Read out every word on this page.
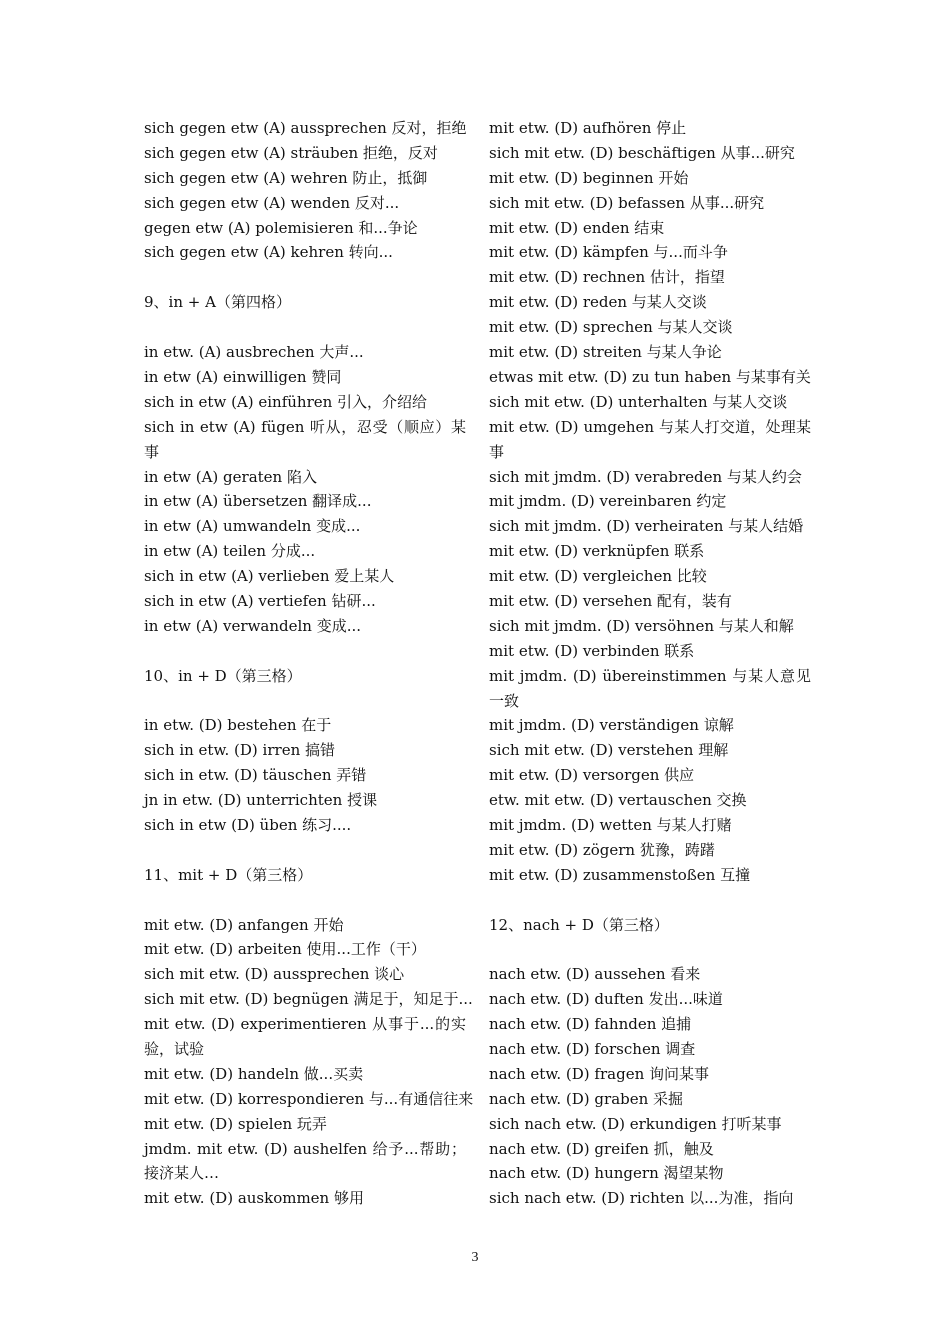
sich gegen etw (A) aussprechen 反对，拒绝
sich gegen etw (A) sträuben 拒绝，反对
sich gegen etw (A) wehren 防止，抵御
sich gegen etw (A) wenden 反对...
gegen etw (A) polemisieren 和...争论
sich gegen etw (A) kehren 转向...
9、in + A（第四格）
in etw. (A) ausbrechen 大声...
in etw (A) einwilligen 赞同
sich in etw (A) einführen 引入，介绍给
sich in etw (A) fügen 听从，忍受（顺应）某事
in etw (A) geraten 陷入
in etw (A) übersetzen 翻译成...
in etw (A) umwandeln 变成...
in etw (A) teilen 分成...
sich in etw (A) verlieben 爱上某人
sich in etw (A) vertiefen 钻研...
in etw (A) verwandeln 变成...
10、in + D（第三格）
in etw. (D) bestehen 在于
sich in etw. (D) irren 搞错
sich in etw. (D) täuschen 弄错
jn in etw. (D) unterrichten 授课
sich in etw (D) üben 练习....
11、mit + D（第三格）
mit etw. (D) anfangen 开始
mit etw. (D) arbeiten 使用...工作（干）
sich mit etw. (D) aussprechen 谈心
sich mit etw. (D) begnügen 满足于，知足于...
mit etw. (D) experimentieren 从事于...的实验，试验
mit etw. (D) handeln 做...买卖
mit etw. (D) korrespondieren 与...有通信往来
mit etw. (D) spielen 玩弄
jmdm. mit etw. (D) aushelfen 给予...帮助；接济某人…
mit etw. (D) auskommen 够用
mit etw. (D) aufhören 停止
sich mit etw. (D) beschäftigen 从事...研究
mit etw. (D) beginnen 开始
sich mit etw. (D) befassen 从事...研究
mit etw. (D) enden 结束
mit etw. (D) kämpfen 与...而斗争
mit etw. (D) rechnen 估计，指望
mit etw. (D) reden 与某人交谈
mit etw. (D) sprechen 与某人交谈
mit etw. (D) streiten 与某人争论
etwas mit etw. (D) zu tun haben 与某事有关
sich mit etw. (D) unterhalten 与某人交谈
mit etw. (D) umgehen 与某人打交道，处理某事
sich mit jmdm. (D) verabreden 与某人约会
mit jmdm. (D) vereinbaren 约定
sich mit jmdm. (D) verheiraten 与某人结婚
mit etw. (D) verknüpfen 联系
mit etw. (D) vergleichen 比较
mit etw. (D) versehen 配有，装有
sich mit jmdm. (D) versöhnen 与某人和解
mit etw. (D) verbinden 联系
mit jmdm. (D) übereinstimmen 与某人意见一致
mit jmdm. (D) verständigen 谅解
sich mit etw. (D) verstehen 理解
mit etw. (D) versorgen 供应
etw. mit etw. (D) vertauschen 交换
mit jmdm. (D) wetten 与某人打赌
mit etw. (D) zögern 犹豫，踌躇
mit etw. (D) zusammenstoßen 互撞
12、nach + D（第三格）
nach etw. (D) aussehen 看来
nach etw. (D) duften 发出...味道
nach etw. (D) fahnden 追捕
nach etw. (D) forschen 调查
nach etw. (D) fragen 询问某事
nach etw. (D) graben 采掘
sich nach etw. (D) erkundigen 打听某事
nach etw. (D) greifen 抓，触及
nach etw. (D) hungern 渴望某物
sich nach etw. (D) richten 以...为准，指向
3
